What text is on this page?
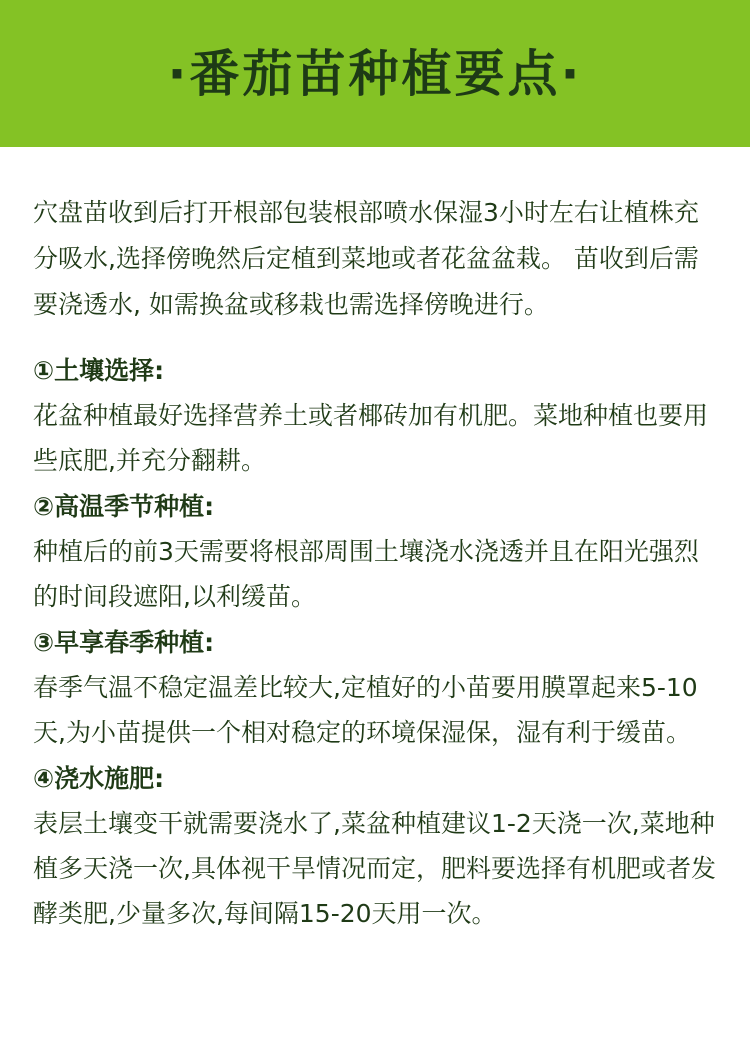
·番茄苗种植要点·

穴盘苗收到后打开根部包装根部喷水保湿3小时左右让植株充分吸水,选择傍晚然后定植到菜地或者花盆盆栽。 苗收到后需要浇透水, 如需换盆或移栽也需选择傍晚进行。

①土壤选择:

花盆种植最好选择营养土或者椰砖加有机肥。菜地种植也要用些底肥,并充分翻耕。

②高温季节种植:

种植后的前3天需要将根部周围土壤浇水浇透并且在阳光强烈的时间段遮阳,以利缓苗。

③早享春季种植:

春季气温不稳定温差比较大,定植好的小苗要用膜罩起来5-10天,为小苗提供一个相对稳定的环境保湿保，湿有利于缓苗。

④浇水施肥:

表层土壤变干就需要浇水了,菜盆种植建议1-2天浇一次,菜地种植多天浇一次,具体视干旱情况而定，肥料要选择有机肥或者发酵类肥,少量多次,每间隔15-20天用一次。
